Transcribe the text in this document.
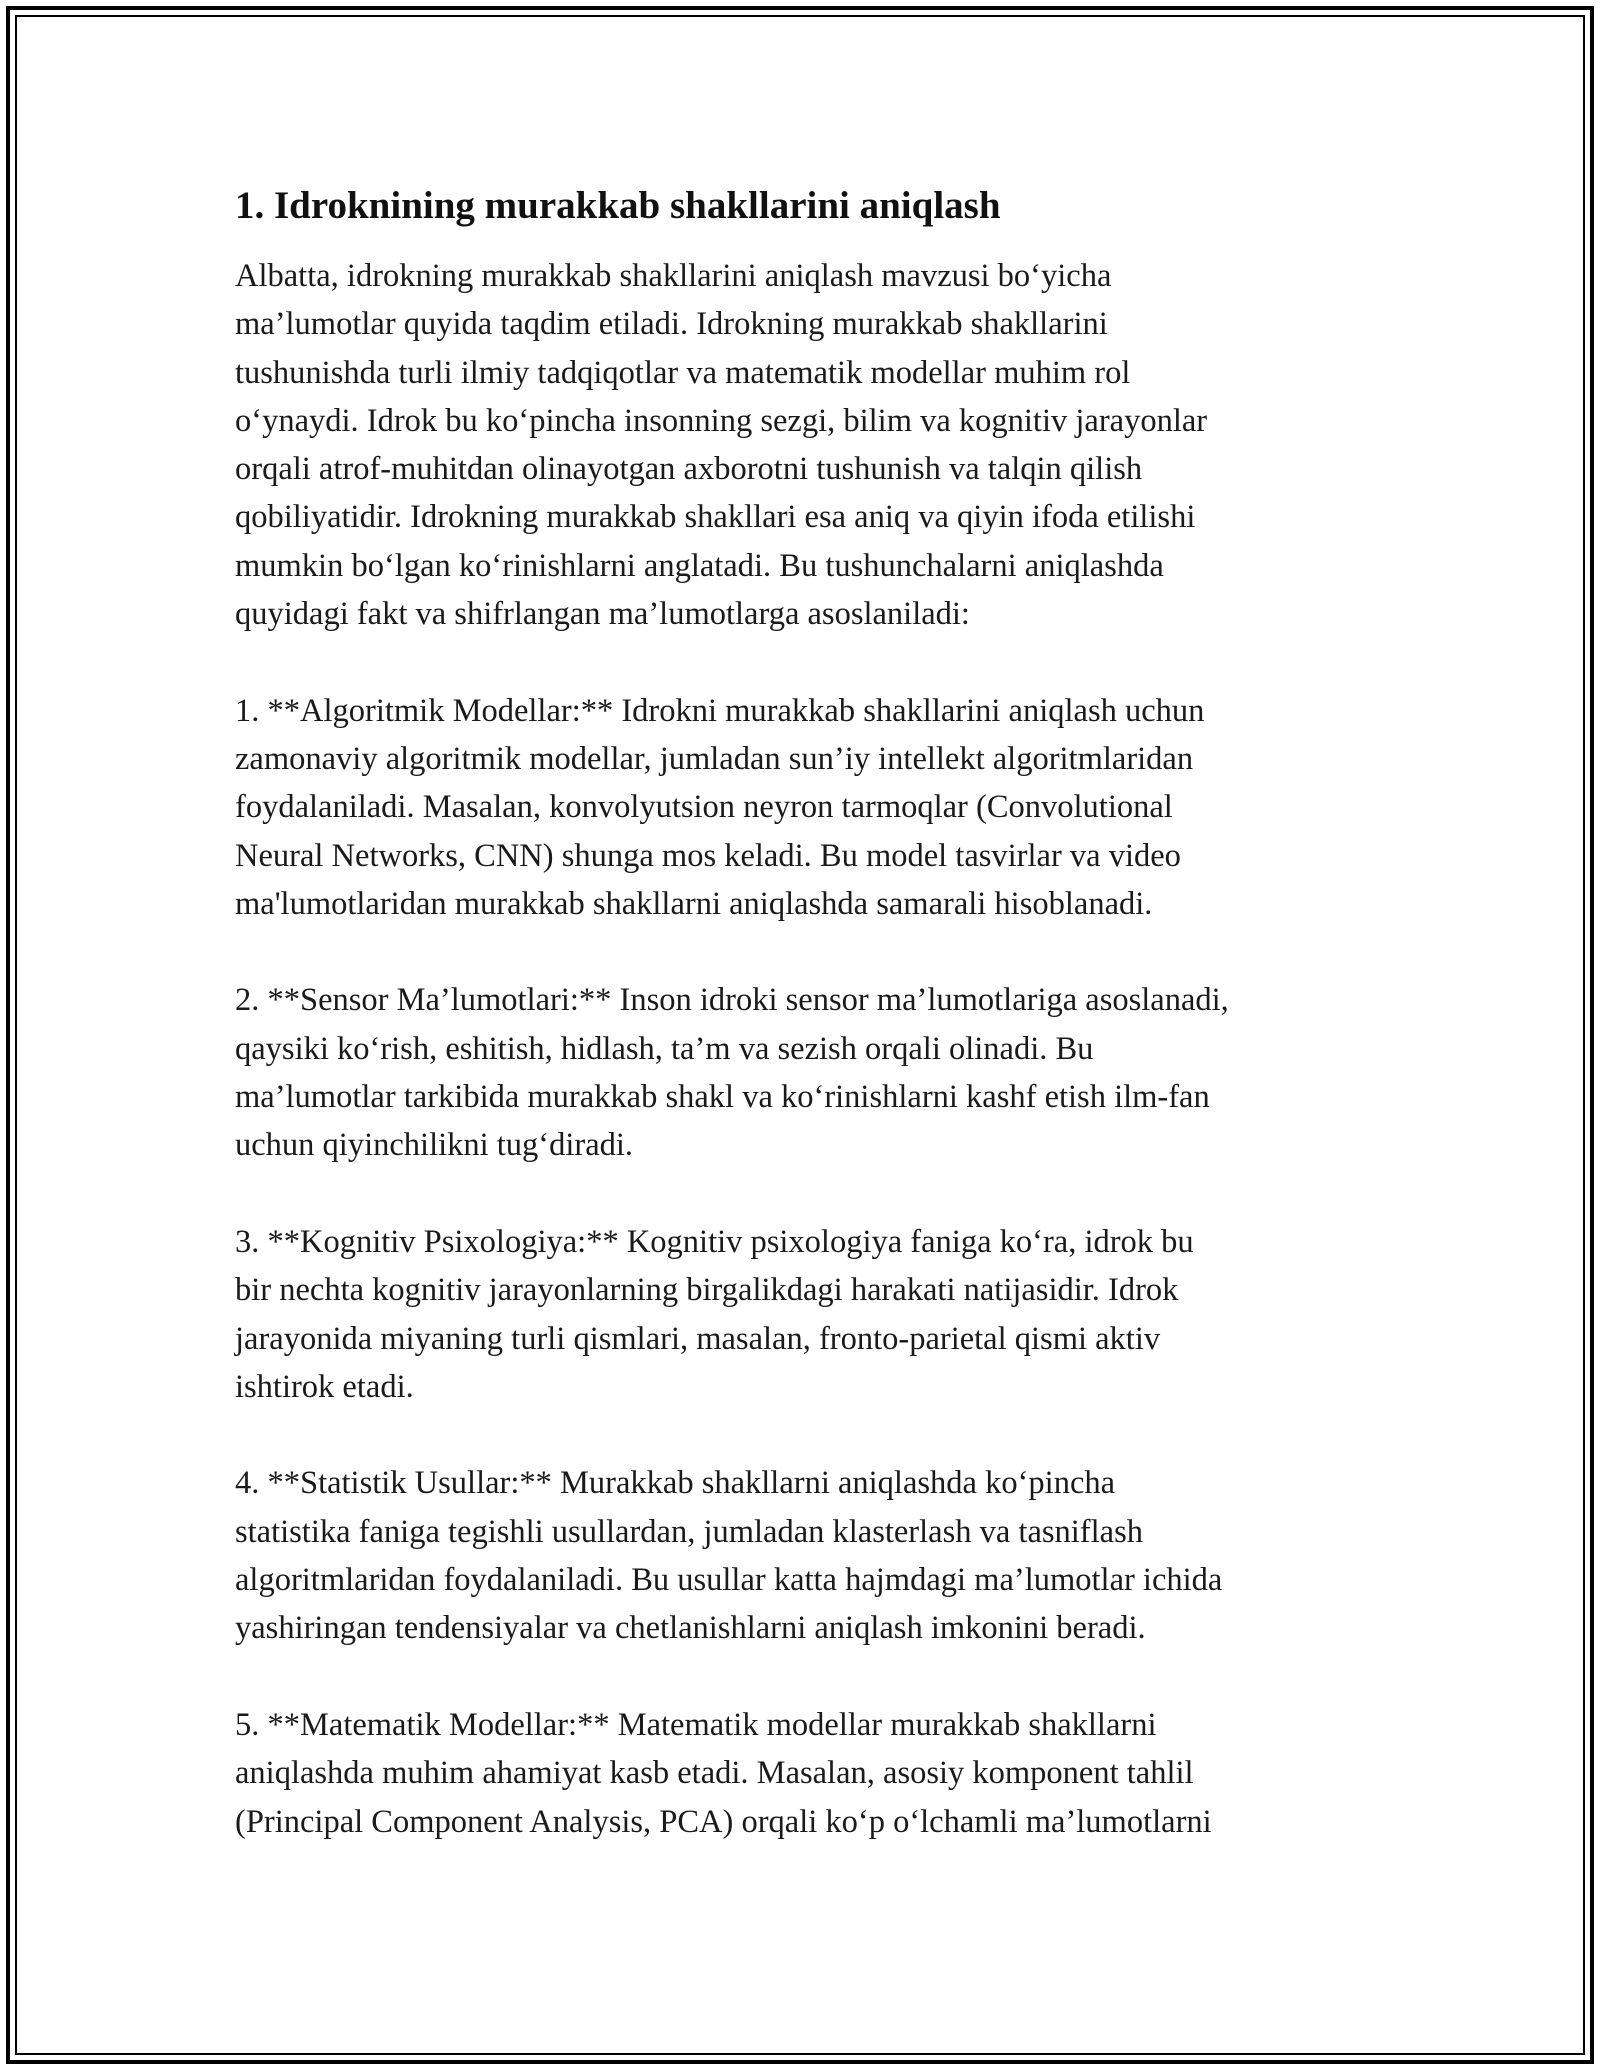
1. Idroknining murakkab shakllarini aniqlash

Albatta, idrokning murakkab shakllarini aniqlash mavzusi bo‘yicha
ma’lumotlar quyida taqdim etiladi. Idrokning murakkab shakllarini
tushunishda turli ilmiy tadqiqotlar va matematik modellar muhim rol
o‘ynaydi. Idrok bu ko‘pincha insonning sezgi, bilim va kognitiv jarayonlar
orqali atrof-muhitdan olinayotgan axborotni tushunish va talqin qilish
qobiliyatidir. Idrokning murakkab shakllari esa aniq va qiyin ifoda etilishi
mumkin bo‘lgan ko‘rinishlarni anglatadi. Bu tushunchalarni aniqlashda
quyidagi fakt va shifrlangan ma’lumotlarga asoslaniladi:

1. **Algoritmik Modellar:** Idrokni murakkab shakllarini aniqlash uchun
zamonaviy algoritmik modellar, jumladan sun’iy intellekt algoritmlaridan
foydalaniladi. Masalan, konvolyutsion neyron tarmoqlar (Convolutional
Neural Networks, CNN) shunga mos keladi. Bu model tasvirlar va video
ma'lumotlaridan murakkab shakllarni aniqlashda samarali hisoblanadi.

2. **Sensor Ma’lumotlari:** Inson idroki sensor ma’lumotlariga asoslanadi,
qaysiki ko‘rish, eshitish, hidlash, ta’m va sezish orqali olinadi. Bu
ma’lumotlar tarkibida murakkab shakl va ko‘rinishlarni kashf etish ilm-fan
uchun qiyinchilikni tug‘diradi.

3. **Kognitiv Psixologiya:** Kognitiv psixologiya faniga ko‘ra, idrok bu
bir nechta kognitiv jarayonlarning birgalikdagi harakati natijasidir. Idrok
jarayonida miyaning turli qismlari, masalan, fronto-parietal qismi aktiv
ishtirok etadi.

4. **Statistik Usullar:** Murakkab shakllarni aniqlashda ko‘pincha
statistika faniga tegishli usullardan, jumladan klasterlash va tasniflash
algoritmlaridan foydalaniladi. Bu usullar katta hajmdagi ma’lumotlar ichida
yashiringan tendensiyalar va chetlanishlarni aniqlash imkonini beradi.

5. **Matematik Modellar:** Matematik modellar murakkab shakllarni
aniqlashda muhim ahamiyat kasb etadi. Masalan, asosiy komponent tahlil
(Principal Component Analysis, PCA) orqali ko‘p o‘lchamli ma’lumotlarni
